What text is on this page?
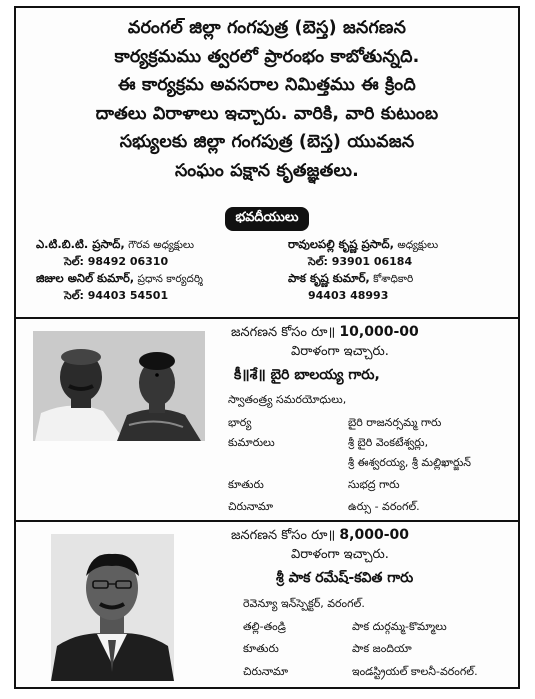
వరంగల్ జిల్లా గంగపుత్ర (బెస్త) జనగణన
కార్యక్రమము త్వరలో ప్రారంభం కాబోతున్నది.
ఈ కార్యక్రమ అవసరాల నిమిత్తము ఈ క్రింది
దాతలు విరాళాలు ఇచ్చారు. వారికి, వారి కుటుంబ
సభ్యులకు జిల్లా గంగపుత్ర (బెస్త) యువజన
సంఘం పక్షాన కృతజ్ఞతలు.
భవదీయులు
ఎ.టి.బి.టి. ప్రసాద్, గౌరవ అధ్యక్షులు	రావులపల్లి కృష్ణ ప్రసాద్, అధ్యక్షులు
సెల్: 98492 06310	సెల్: 93901 06184
జిజుల అనిల్ కుమార్, ప్రధాన కార్యదర్శి	పాక కృష్ణ కుమార్, కోశాధికారి
సెల్: 94403 54501	94403 48993
జనగణన కోసం రూ॥ 10,000-00
విరాళంగా ఇచ్చారు.
కీ॥శే॥ బైరి బాలయ్య గారు,
స్వాతంత్ర్య సమరయోధులు,
భార్య	బైరి రాజనర్సమ్మ గారు
కుమారులు	శ్రీ బైరి వెంకటేశ్వర్లు,
శ్రీ ఈశ్వరయ్య, శ్రీ మల్లిఖార్జున్
కూతురు	సుభద్ర గారు
చిరునామా	ఉర్సు - వరంగల్.
జనగణన కోసం రూ॥ 8,000-00
విరాళంగా ఇచ్చారు.
శ్రీ పాక రమేష్-కవిత గారు
రెవెన్యూ ఇన్‌స్పెక్టర్, వరంగల్.
తల్లి-తండ్రి	పాక దుర్గమ్మ-కొమ్మాలు
కూతురు	పాక జందియా
చిరునామా	ఇండస్ట్రియల్ కాలనీ-వరంగల్.
